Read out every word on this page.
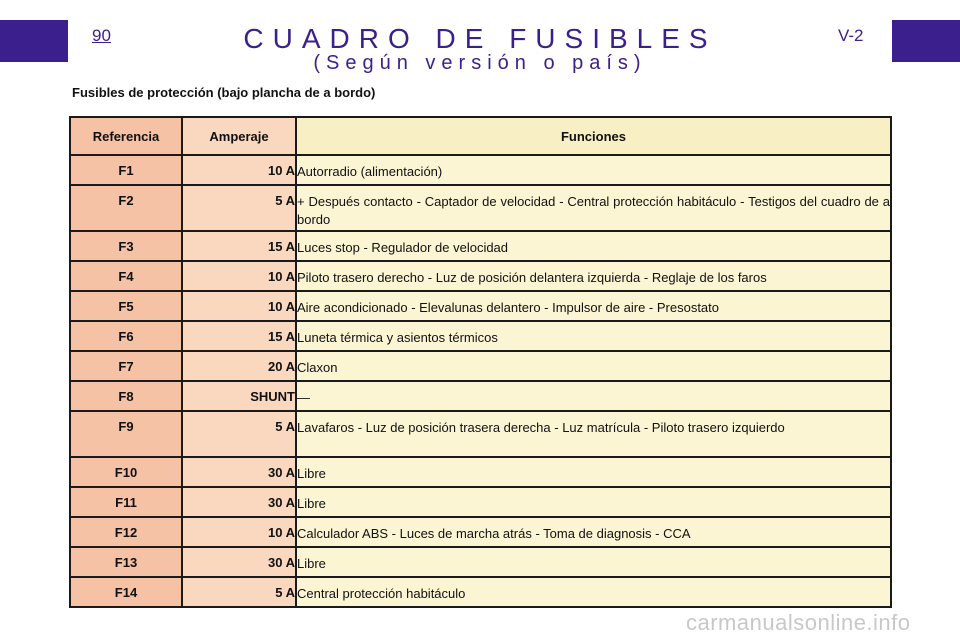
90	V-2
CUADRO DE FUSIBLES
(Según versión o país)
Fusibles de protección (bajo plancha de a bordo)
Referencia	Amperaje	Funciones

F1	10 A	Autorradio (alimentación)

F2	5 A	+ Después contacto - Captador de velocidad - Central protección habitáculo - Testigos del cuadro de a bordo

F3	15 A	Luces stop - Regulador de velocidad

F4	10 A	Piloto trasero derecho - Luz de posición delantera izquierda - Reglaje de los faros

F5	10 A	Aire acondicionado - Elevalunas delantero - Impulsor de aire - Presostato

F6	15 A	Luneta térmica y asientos térmicos

F7	20 A	Claxon

F8	SHUNT	—

F9	5 A	Lavafaros - Luz de posición trasera derecha - Luz matrícula - Piloto trasero izquierdo

F10	30 A	Libre

F11	30 A	Libre

F12	10 A	Calculador ABS - Luces de marcha atrás - Toma de diagnosis - CCA

F13	30 A	Libre

F14	5 A	Central protección habitáculo
carmanualsonline.info
